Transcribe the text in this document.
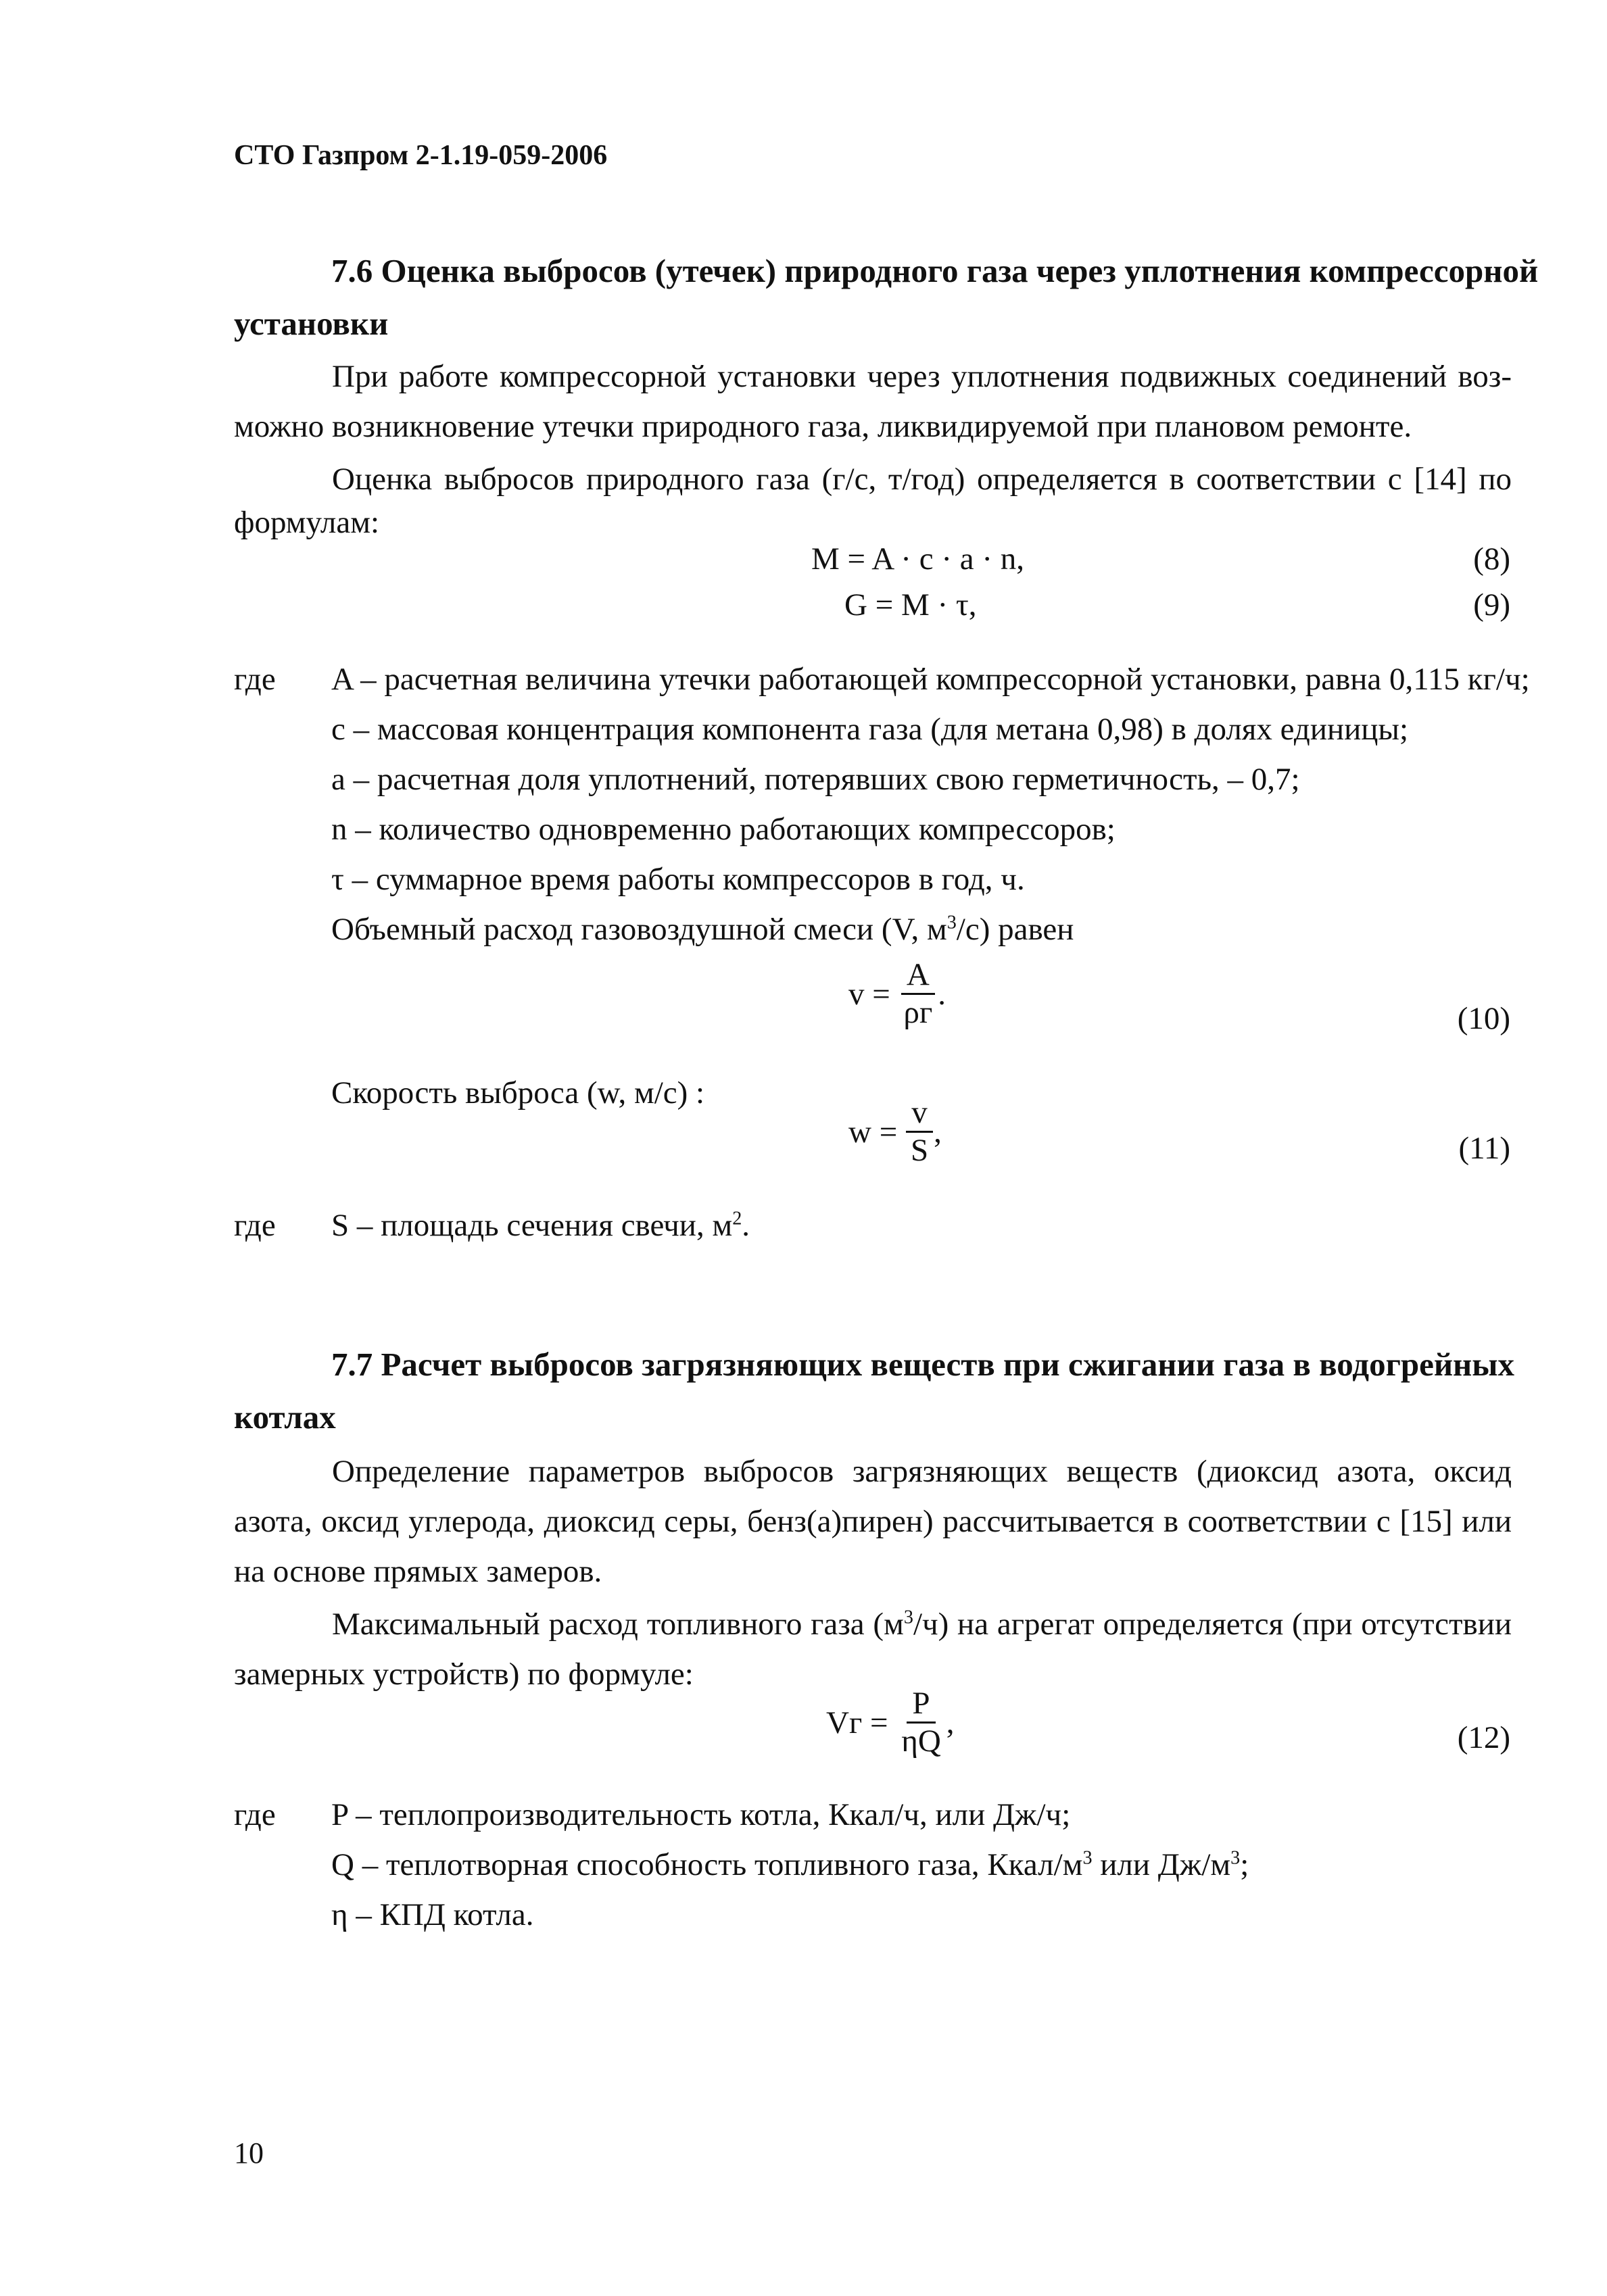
СТО Газпром 2-1.19-059-2006
7.6 Оценка выбросов (утечек) природного газа через уплотнения компрессорной
установки
При работе компрессорной установки через уплотнения подвижных соединений воз-
можно возникновение утечки природного газа, ликвидируемой при плановом ремонте.
Оценка выбросов природного газа (г/с, т/год) определяется в соответствии с [14] по
формулам:
M = A · c · a · n,	(8)
G = M · τ,	(9)
где A – расчетная величина утечки работающей компрессорной установки, равна 0,115 кг/ч;
c – массовая концентрация компонента газа (для метана 0,98) в долях единицы;
a – расчетная доля уплотнений, потерявших свою герметичность, – 0,7;
n – количество одновременно работающих компрессоров;
τ – суммарное время работы компрессоров в год, ч.
Объемный расход газовоздушной смеси (V, $м^3/с$) равен
$v = \frac{A}{\rho г}$ .
(10)
Скорость выброса (w, м/с) :
$w = \frac{v}{S}$ ,	(11)
где S – площадь сечения свечи, $м^2$.
7.7 Расчет выбросов загрязняющих веществ при сжигании газа в водогрейных
котлах
Определение параметров выбросов загрязняющих веществ (диоксид азота, оксид
азота, оксид углерода, диоксид серы, бенз(а)пирен) рассчитывается в соответствии с [15] или
на основе прямых замеров.
Максимальный расход топливного газа $(м^3/ч)$ на агрегат определяется (при отсутствии
замерных устройств) по формуле:
Vг = $\frac{P}{\eta Q}$ ,	(12)
где P – теплопроизводительность котла, Ккал/ч, или Дж/ч;
Q – теплотворная способность топливного газа, Ккал/$м^3$ или $Дж/м^3$;
η – КПД котла.
10
